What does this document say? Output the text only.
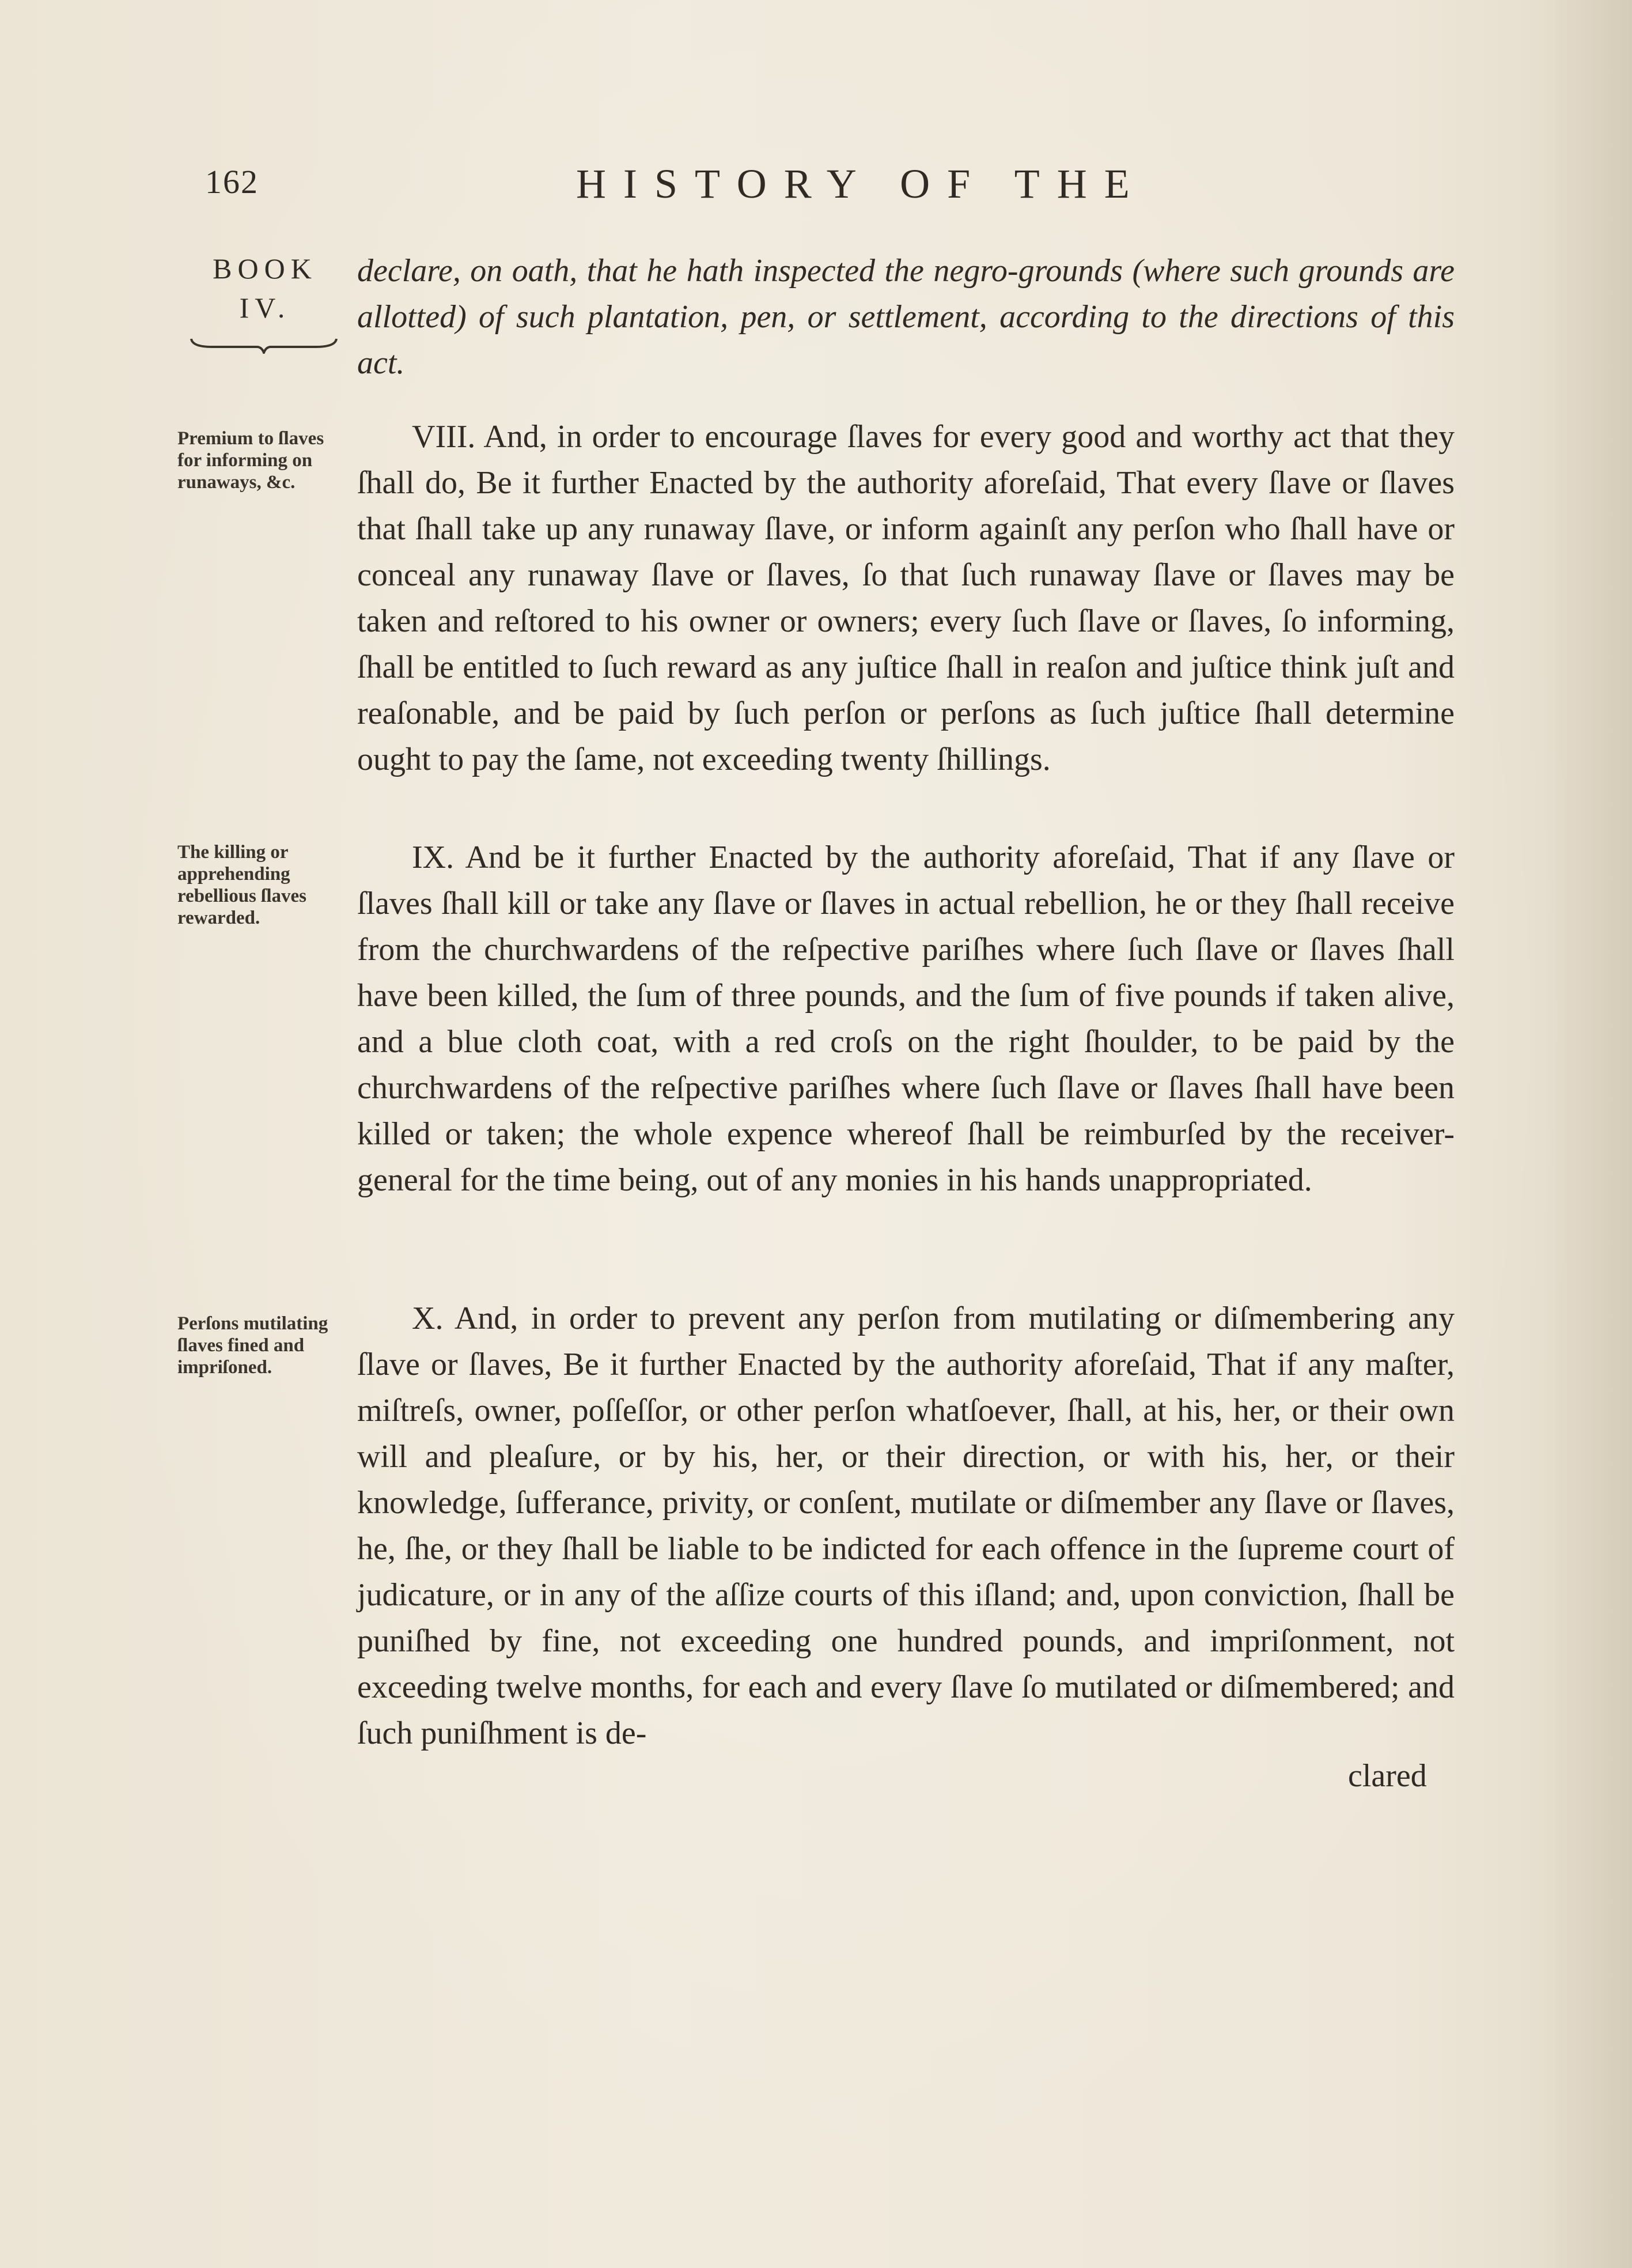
162	HISTORY OF THE
BOOK
IV.
declare, on oath, that he hath inspected the negro-grounds (where such grounds are allotted) of such plantation, pen, or settlement, according to the directions of this act.
Premium to ſlaves for informing on runaways, &c.

VIII. And, in order to encourage ſlaves for every good and worthy act that they ſhall do, Be it further Enacted by the authority aforeſaid, That every ſlave or ſlaves that ſhall take up any runaway ſlave, or inform againſt any perſon who ſhall have or conceal any runaway ſlave or ſlaves, ſo that ſuch runaway ſlave or ſlaves may be taken and reſtored to his owner or owners; every ſuch ſlave or ſlaves, ſo informing, ſhall be entitled to ſuch reward as any juſtice ſhall in reaſon and juſtice think juſt and reaſonable, and be paid by ſuch perſon or perſons as ſuch juſtice ſhall determine ought to pay the ſame, not exceeding twenty ſhillings.

The killing or apprehending rebellious ſlaves rewarded.

IX. And be it further Enacted by the authority aforeſaid, That if any ſlave or ſlaves ſhall kill or take any ſlave or ſlaves in actual rebellion, he or they ſhall receive from the churchwardens of the reſpective pariſhes where ſuch ſlave or ſlaves ſhall have been killed, the ſum of three pounds, and the ſum of five pounds if taken alive, and a blue cloth coat, with a red croſs on the right ſhoulder, to be paid by the churchwardens of the reſpective pariſhes where ſuch ſlave or ſlaves ſhall have been killed or taken; the whole expence whereof ſhall be reimburſed by the receiver-general for the time being, out of any monies in his hands unappropriated.

Perſons mutilating ſlaves fined and impriſoned.

X. And, in order to prevent any perſon from mutilating or diſmembering any ſlave or ſlaves, Be it further Enacted by the authority aforeſaid, That if any maſter, miſtreſs, owner, poſſeſſor, or other perſon whatſoever, ſhall, at his, her, or their own will and pleaſure, or by his, her, or their direction, or with his, her, or their knowledge, ſufferance, privity, or conſent, mutilate or diſmember any ſlave or ſlaves, he, ſhe, or they ſhall be liable to be indicted for each offence in the ſupreme court of judicature, or in any of the aſſize courts of this iſland; and, upon conviction, ſhall be puniſhed by fine, not exceeding one hundred pounds, and impriſonment, not exceeding twelve months, for each and every ſlave ſo mutilated or diſmembered; and ſuch puniſhment is de-

clared
